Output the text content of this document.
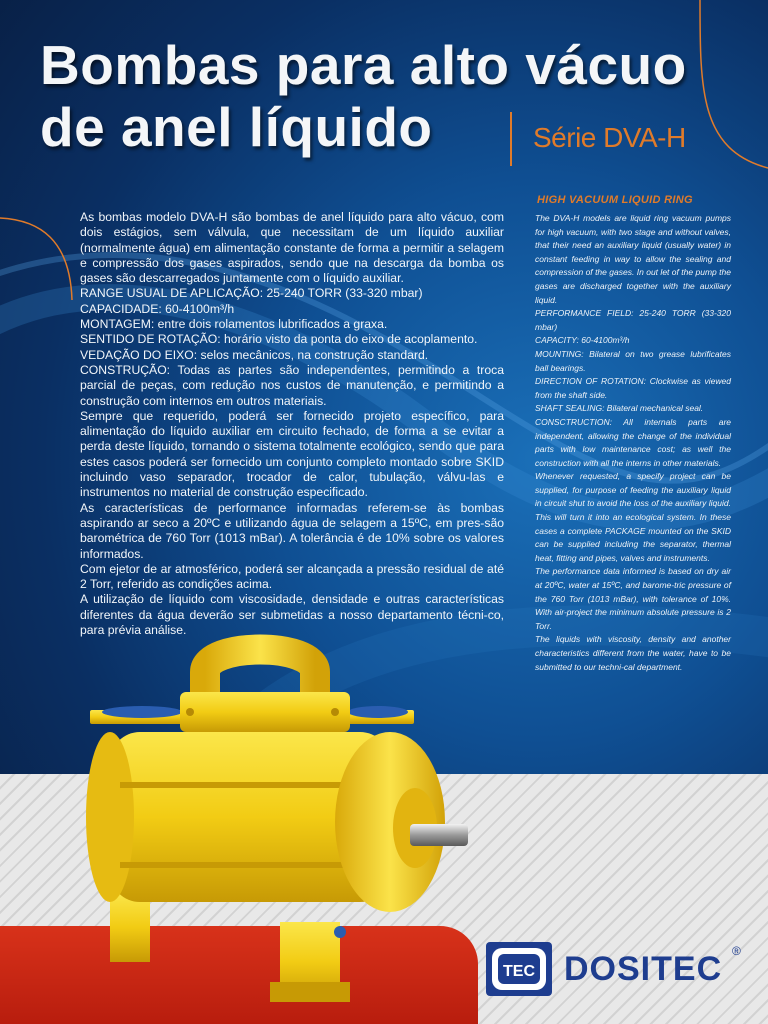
Bombas para alto vácuo
de anel líquido	Série DVA-H

As bombas modelo DVA-H são bombas de anel líquido para alto vácuo, com dois estágios, sem válvula, que necessitam de um líquido auxiliar (normalmente água) em alimentação constante de forma a permitir a selagem e compressão dos gases aspirados, sendo que na descarga da bomba os gases são descarregados juntamente com o líquido auxiliar.

RANGE USUAL DE APLICAÇÃO: 25-240 TORR (33-320 mbar)

CAPACIDADE: 60-4100m³/h

MONTAGEM: entre dois rolamentos lubrificados a graxa.

SENTIDO DE ROTAÇÃO: horário visto da ponta do eixo de acoplamento.

VEDAÇÃO DO EIXO: selos mecânicos, na construção standard.

CONSTRUÇÃO: Todas as partes são independentes, permitindo a troca parcial de peças, com redução nos custos de manutenção, e permitindo a construção com internos em outros materiais.

Sempre que requerido, poderá ser fornecido projeto específico, para alimentação do líquido auxiliar em circuito fechado, de forma a se evitar a perda deste líquido, tornando o sistema totalmente ecológico, sendo que para estes casos poderá ser fornecido um conjunto completo montado sobre SKID incluindo vaso separador, trocador de calor, tubulação, válvu-las e instrumentos no material de construção especificado.

As características de performance informadas referem-se às bombas aspirando ar seco a 20ºC e utilizando água de selagem a 15ºC, em pres-são barométrica de 760 Torr (1013 mBar). A tolerância é de 10% sobre os valores informados.

Com ejetor de ar atmosférico, poderá ser alcançada a pressão residual de até 2 Torr, referido as condições acima.

A utilização de líquido com viscosidade, densidade e outras características diferentes da água deverão ser submetidas a nosso departamento técni-co, para prévia análise.

HIGH VACUUM LIQUID RING

The DVA-H models are liquid ring vacuum pumps for high vacuum, with two stage and without valves, that their need an auxiliary liquid (usually water) in constant feeding in way to allow the sealing and compression of the gases. In out let of the pump the gases are discharged together with the auxiliary liquid.

PERFORMANCE FIELD: 25-240 TORR (33-320 mbar)

CAPACITY: 60-4100m³/h

MOUNTING: Bilateral on two grease lubrificates ball bearings.

DIRECTION OF ROTATION: Clockwise as viewed from the shaft side.

SHAFT SEALING: Bilateral mechanical seal.

CONSCTRUCTION: All internals parts are independent, allowing the change of the individual parts with low maintenance cost; as well the construction with all the interns in other materials.

Whenever requested, a specify project can be supplied, for purpose of feeding the auxiliary liquid in circuit shut to avoid the loss of the auxiliary liquid. This will turn it into an ecological system. In these cases a complete PACKAGE mounted on the SKID can be supplied including the separator, thermal heat, fitting and pipes, valves and instruments.

The performance data informed is based on dry air at 20ºC, water at 15ºC, and barome-tric pressure of the 760 Torr (1013 mBar), with tolerance of 10%. With air-project the minimum absolute pressure is 2 Torr.

The liquids with viscosity, density and another characteristics different from the water, have to be submitted to our techni-cal department.

TEC DOSITEC ®
